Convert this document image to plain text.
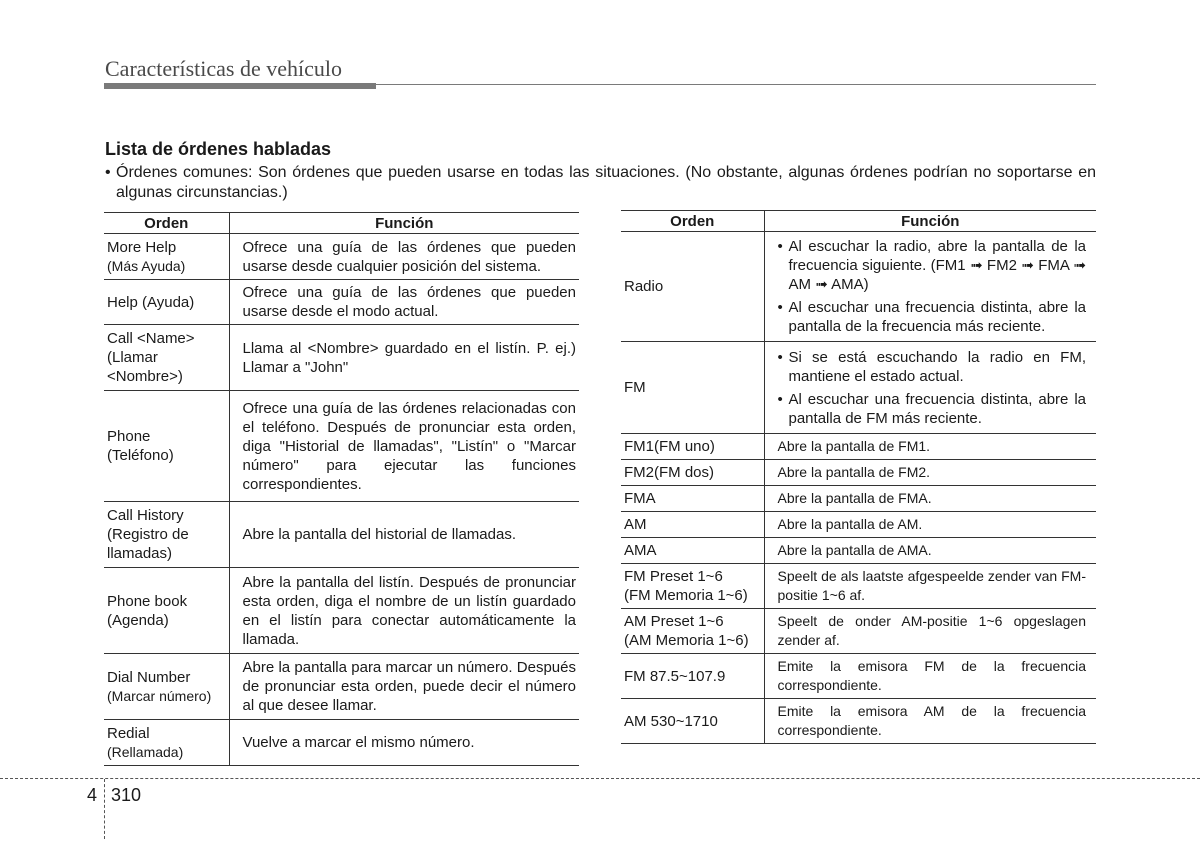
Características de vehículo
Lista de órdenes habladas
• Órdenes comunes: Son órdenes que pueden usarse en todas las situaciones. (No obstante, algunas órdenes podrían no soportarse en algunas circunstancias.)
Orden	Función
More Help
(Más Ayuda)	Ofrece una guía de las órdenes que pueden usarse desde cualquier posición del sistema.
Help (Ayuda)	Ofrece una guía de las órdenes que pueden usarse desde el modo actual.
Call <Name>
(Llamar
<Nombre>)	Llama al <Nombre> guardado en el listín. P. ej.) Llamar a "John"
Phone
(Teléfono)	Ofrece una guía de las órdenes relacionadas con el teléfono. Después de pronunciar esta orden, diga "Historial de llamadas", "Listín" o "Marcar número" para ejecutar las funciones correspondientes.
Call History
(Registro de
llamadas)	Abre la pantalla del historial de llamadas.
Phone book
(Agenda)	Abre la pantalla del listín. Después de pronunciar esta orden, diga el nombre de un listín guardado en el listín para conectar automáticamente la llamada.
Dial Number
(Marcar número)	Abre la pantalla para marcar un número. Después de pronunciar esta orden, puede decir el número al que desee llamar.
Redial
(Rellamada)	Vuelve a marcar el mismo número.
Orden	Función
Radio	• Al escuchar la radio, abre la pantalla de la frecuencia siguiente. (FM1 ➟ FM2 ➟ FMA ➟ AM ➟ AMA)
• Al escuchar una frecuencia distinta, abre la pantalla de la frecuencia más reciente.

FM	• Si se está escuchando la radio en FM, mantiene el estado actual.
• Al escuchar una frecuencia distinta, abre la pantalla de FM más reciente.

FM1(FM uno)	Abre la pantalla de FM1.
FM2(FM dos)	Abre la pantalla de FM2.
FMA	Abre la pantalla de FMA.
AM	Abre la pantalla de AM.
AMA	Abre la pantalla de AMA.
FM Preset 1~6
(FM Memoria 1~6)	Speelt de als laatste afgespeelde zender van FM-positie 1~6 af.
AM Preset 1~6
(AM Memoria 1~6)	Speelt de onder AM-positie 1~6 opgeslagen zender af.
FM 87.5~107.9	Emite la emisora FM de la frecuencia correspondiente.
AM 530~1710	Emite la emisora AM de la frecuencia correspondiente.
4 310
